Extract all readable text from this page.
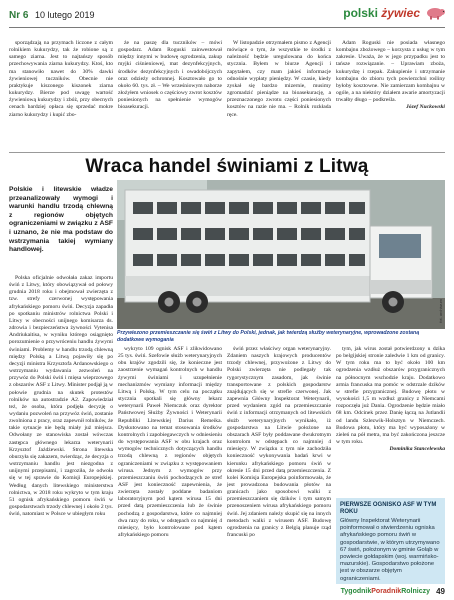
Nr 6 10 lutego 2019	polski żywiec

sporządzają na przymach liczone z całym rolnikiem kukurydzy, tak że robione są z samego ziarna. Jest to najtańszy sposób przechowywania ziarna kukurydzy. Ktoś, kto ma stanowiło nawet do 30% dawki żywieniowej tuczników. Obecnie nie praktykuje kiszonego kiszonek ziarna kukurydzy. Bierze pod uwagę wartość żywieniową kukurydzy i zbóż, przy obecnych cenach bardziej opłaca się sprzedać mokre ziarno kukurydzy i kupić zbo-

że na paszę dla tuczników – mówi gospodarz. Adam Roguski zainwestował między innymi w budowę ogrodzenia, zakup myjki ciśnieniowej, mat dezynfekcyjnych, środków dezynfekcyjnych i owadobójczych oraz odzieży ochronnej. Kosztowało go to około 60. tys. zł. – We wrześniowym naborze złożyłem wniosek o częściowy zwrot kosztów poniesionych na spełnienie wymogów bioasekuracji.

W listopadzie otrzymałem pismo z Agencji mówiące o tym, że wszystkie te środki z należność będzie uregulowana do końca stycznia. Byłem w biurze Agencji i zapytałem, czy mam jakieś informacje odnośnie wypłaty pieniędzy. W czasie, kiedy zyskał się bardzo mizernie, musimy zgromadzić pieniądze na bioasekurację, a przeznaczonego zwrotu części poniesionych kosztów na razie nie ma. – Rolnik rozkłada ręce.

Adam Roguski nie posiada własnego kombajnu zbożowego – korzysta z usług w tym zakresie. Uważa, że w jego przypadku jest to tańsze rozwiązanie. – Uprawiam zboża, kukurydzę i rzepak. Zakupienie i utrzymanie kombajnu do zbioru tych powierzchni rośliny byłoby kosztowne. Nie zamierzam kombajnu w ogóle, a na niektóry działem awarie amortyzacji trwałby długo – podkreśla.

Józef Nuckowski

Wraca handel świniami z Litwą
Polskie i litewskie władze przeanalizowały wymogi i warunki handlu trzodą chlewną z regionów objętych ograniczeniami w związku z ASF i uznano, że nie ma podstaw do wstrzymania takiej wymiany handlowej.
fot. archiwum
Przywiezono przemieszczanie się świń z Litwy do Polski, jednak, jak twierdzą służby weterynaryjne, wprowadzone zostaną dodatkowe wymogania

Polska oficjalnie odwołała zakaz importu świń z Litwy, który obowiązywał od połowy grudnia 2018 roku i obejmował zwierzęta z tzw. strefy czerwonej występowania afrykańskiego pomoru świń. Decyzja zapadła po spotkaniu ministrów rolnictwa Polski i Litwy w obecności unijnego komisarza ds. zdrowia i bezpieczeństwa żywności Vytenisa Andriukaitisa, w wyniku którego osiągnięto porozumienie o przywróceniu handlu żywymi świniami. Problemy w handlu trzodą chlewną między Polską a Litwą pojawiły się po decyzji ministra Krzysztofa Ardanowskiego o wstrzymaniu wydawania zezwoleń na przywóz do Polski świń i mięsa wieprzowego z obszarów ASF z Litwy. Minister podjął ją w połowie grudnia na skutek protestów rolników na autostradzie A2. Zapowiedział też, że osoba, która podjęła decyzję o wydaniu pozwoleń na przywóz świń, zostanie zwolniona z pracy, oraz zapewnił rolników, że takie sytuacje nie będą miały już miejsca. Odwołany ze stanowiska został wówczas zastępca głównego lekarza weterynarii Krzysztof Jażdżewski. Strona litewska oburzyła się zakazem, twierdząc, że decyzja o wstrzymaniu handlu jest niezgodna z unijnymi przepisami, i zagroziła, że odwoła się w tej sprawie do Komisji Europejskiej. Według danych litewskiego ministerstwa rolnictwa, w 2018 roku wykryto w tym kraju 51 ognisk afrykańskiego pomoru świń w gospodarstwach trzody chlewnej i około 2 tys. świń, natomiast w Polsce w ubiegłym roku

wykryto 109 ognisk ASF i zlikwidowano 25 tys. świń. Szefowie służb weterynaryjnych obu krajów zgodzili się, że konieczne jest zaostrzenie wymagań kontrolnych w handlu żywymi świniami i uzupełnienie mechanizmów wymiany informacji między Litwą i Polską. W tym celu na początku stycznia spotkali się główny lekarz weterynarii Paweł Niemczuk oraz dyrektor Państwowej Służby Żywności i Weterynarii Republiki Litewskiej Darius Remeika. Dyskutowano na temat stosowania środków kontrolnych i zapobiegawczych w odniesieniu do występowania ASF w obu krajach oraz wymogów technicznych dotyczących handlu trzodą chlewną z regionów objętych ograniczeniami w związku z występowaniem wirusa. Jednym z wymogów przy przemieszczaniu świń pochodzących ze stref ASF jest konieczność zapewnienia, że zwierzęta zostały poddane badaniom laboratoryjnym pod kątem wirusa 15 dni przed datą przemieszczenia lub że świnie pochodzą z gospodarstwa, które co najmniej dwa razy do roku, w odstępach co najmniej 4 miesięcy, było kontrolowane pod kątem afrykańskiego pomoru

świń przez właściwy organ weterynaryjny. Zdaniem naszych krajowych producentów trzody chlewnej, przywożone z Litwy do Polski zwierzęta nie podlegały tak rygorystycznym zasadom, jak świnie transportowane z polskich gospodarstw znajdujących się w strefie czerwonej. Jak zapewnia Główny Inspektorat Weterynarii, przed wydaniem zgód na przemieszczanie świń z informacji otrzymanych od litewskich służb weterynaryjnych wynikało, iż gospodarstwa na Litwie położone na obszarach ASF były poddawane dwukrotnym kontrolom w odstępach co najmniej 4 miesięcy. W związku z tym nie zachodziła konieczność wykonywania badań krwi w kierunku afrykańskiego pomoru świń w okresie 15 dni przed datą przemieszczenia. Z kolei Komisja Europejska poinformowała, że jest prowadzona budowania płotów na granicach jako sposobowi walki z przemieszczaniem się dzików i tym samym przenoszeniem wirusa afrykańskiego pomoru świń. Jej zdaniem należy skupić się na innych metodach walki z wirusem ASF. Budowę ogrodzenia na granicy z Belgią planuje rząd francuski po

tym, jak wirus został potwierdzony u dzika po belgijskiej stronie zaledwie 1 km od granicy. W tym roku ma to być około 100 km ogrodzenia wzdłuż obszarów przygranicznych na północnym wschodzie kraju. Dodatkowo armia francuska ma pomóc w odstrzale dzików w strefie przygranicznej. Budowę płotu w wysokości 1,5 m wzdłuż granicy z Niemcami rozpoczęła już Dania. Ogrodzenie będzie miało 68 km. Odcinek przez Danię łączą na Jutlandii od landu Szlezwik-Holsztyn w Niemczech. Budowa płotu, który ma być wyposażony w zieleń na pół metra, ma być zakończona jeszcze w tym roku.

Dominika Stancelewska

PIERWSZE OGNISKO ASF W TYM ROKU
Główny Inspektorat Weterynarii poinformował o stwierdzeniu ogniska afrykańskiego pomoru świń w gospodarstwie, w którym utrzymywano 67 świń, położonym w gminie Goląb w powiecie gołdapskim (woj. warmińsko-mazurskie). Gospodarstwo położone jest w obszarze objętym ograniczeniami.
TygodnikPoradnikRolniczy 49
